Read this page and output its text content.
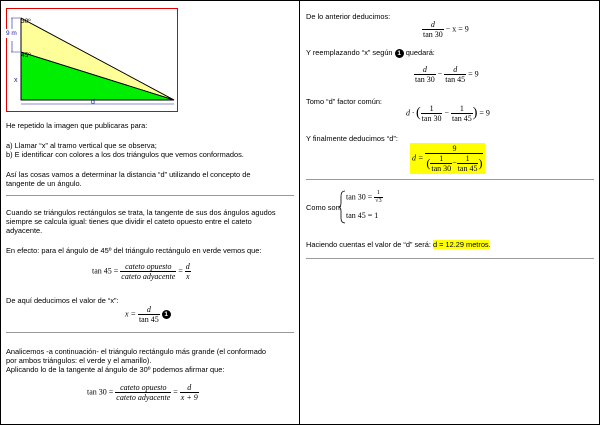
30º
45º
9 m
x
d
He repetido la imagen que publicaras para:
a) Llamar “x” al tramo vertical que se observa;
b) E identificar con colores a los dos triángulos que vemos conformados.
Así las cosas vamos a determinar la distancia “d” utilizando el concepto de
tangente de un ángulo.
Cuando se triángulos rectángulos se trata, la tangente de sus dos ángulos agudos
siempre se calcula igual: tienes que dividir el cateto opuesto entre el cateto
adyacente.
En efecto: para el ángulo de 45º del triángulo rectángulo en verde vemos que:
$\tan 45 = \frac{\text{cateto opuesto}}{\text{cateto adyacente}} = \frac{d}{x}$
De aquí deducimos el valor de “x”:
$x = \frac{d}{\tan 45} 1$
Analicemos -a continuación- el triángulo rectángulo más grande (el conformado
por ambos triángulos: el verde y el amarillo).
Aplicando lo de la tangente al ángulo de 30º podemos afirmar que:
$\tan 30 = \frac{\text{cateto opuesto}}{\text{cateto adyacente}} = \frac{d}{x + 9}$
De lo anterior deducimos:
$\frac{d}{\tan 30} - x = 9$
Y reemplazando “x” según 1 quedará:
$\frac{d}{\tan 30} - \frac{d}{\tan 45} = 9$
Tomo “d” factor común:
d · ( $\frac{1}{\tan 30} - \frac{1}{\tan 45}$ ) = 9
Y finalmente deducimos “d”:
$d = \frac{9}{( \frac{1}{\tan 30} - \frac{1}{\tan 45} )}$
Como son:
$\tan 30 = \frac{1}{√3}$
tan 45 = 1
Haciendo cuentas el valor de “d” será: d = 12.29 metros.
